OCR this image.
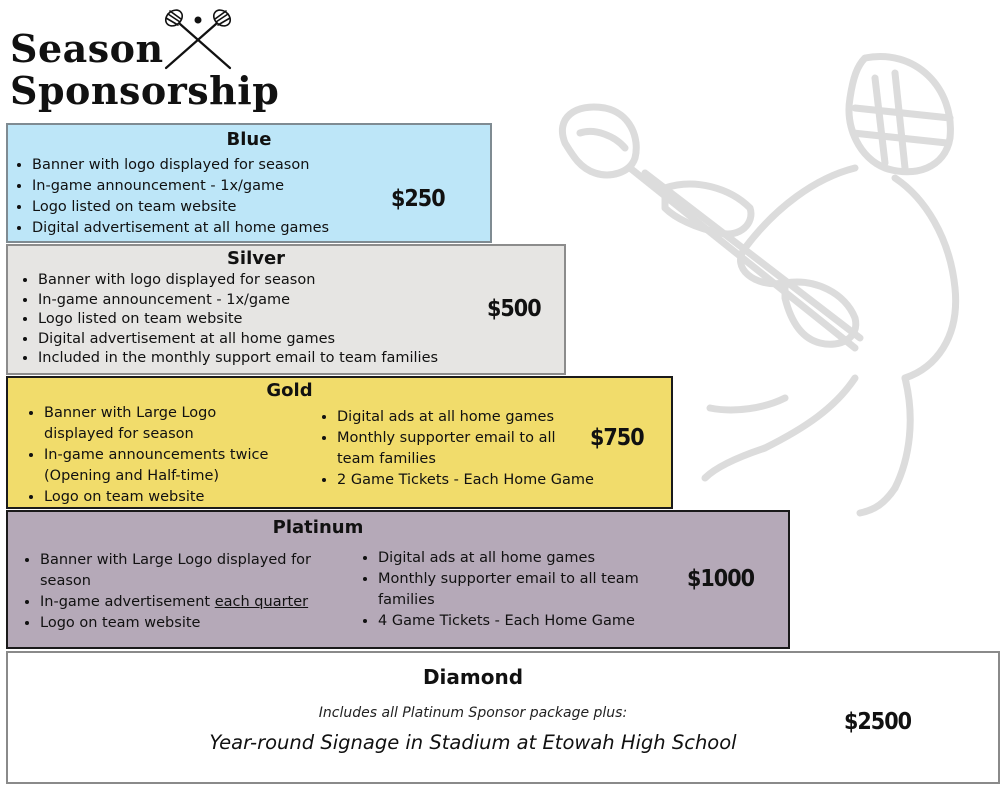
Season
Sponsorship
Blue
• Banner with logo displayed for season
• In-game announcement - 1x/game
• Logo listed on team website
• Digital advertisement at all home games
$250
Silver
• Banner with logo displayed for season
• In-game announcement - 1x/game
• Logo listed on team website
• Digital advertisement at all home games
• Included in the monthly support email to team families
$500
Gold
• Banner with Large Logo displayed for season
• In-game announcements twice (Opening and Half-time)
• Logo on team website
• Digital ads at all home games
• Monthly supporter email to all team families
• 2 Game Tickets - Each Home Game
$750
Platinum
• Banner with Large Logo displayed for season
• In-game advertisement each quarter
• Logo on team website
• Digital ads at all home games
• Monthly supporter email to all team families
• 4 Game Tickets - Each Home Game
$1000
Diamond
Includes all Platinum Sponsor package plus:
Year-round Signage in Stadium at Etowah High School
$2500
